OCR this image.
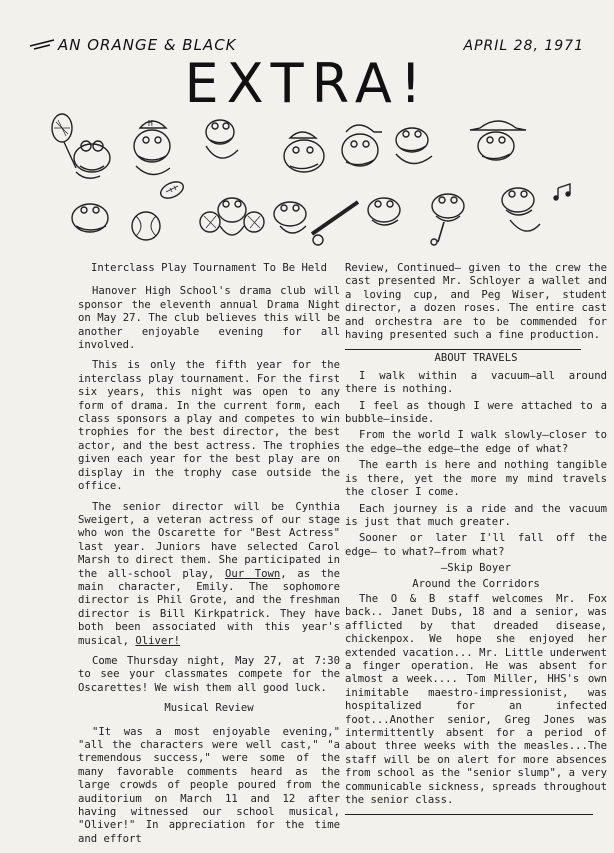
AN ORANGE & BLACK	APRIL 28, 1971
EXTRA!
H
Interclass Play Tournament To Be Held

Hanover High School's drama club will sponsor the eleventh annual Drama Night on May 27. The club believes this will be another enjoyable evening for all involved.

This is only the fifth year for the interclass play tournament. For the first six years, this night was open to any form of drama. In the current form, each class sponsors a play and competes to win trophies for the best director, the best actor, and the best actress. The trophies given each year for the best play are on display in the trophy case outside the office.

The senior director will be Cynthia Sweigert, a veteran actress of our stage who won the Oscarette for "Best Actress" last year. Juniors have selected Carol Marsh to direct them. She participated in the all-school play, Our Town, as the main character, Emily. The sophomore director is Phil Grote, and the freshman director is Bill Kirkpatrick. They have both been associated with this year's musical, Oliver!

Come Thursday night, May 27, at 7:30 to see your classmates compete for the Oscarettes! We wish them all good luck.

Musical Review

"It was a most enjoyable evening," "all the characters were well cast," "a tremendous success," were some of the many favorable comments heard as the large crowds of people poured from the auditorium on March 11 and 12 after having witnessed our school musical, "Oliver!" In appreciation for the time and effort

Review, Continued– given to the crew the cast presented Mr. Schloyer a wallet and a loving cup, and Peg Wiser, student director, a dozen roses. The entire cast and orchestra are to be commended for having presented such a fine production.

ABOUT TRAVELS

I walk within a vacuum–all around there is nothing.

I feel as though I were attached to a bubble–inside.

From the world I walk slowly–closer to the edge–the edge–the edge of what?

The earth is here and nothing tangible is there, yet the more my mind travels the closer I come.

Each journey is a ride and the vacuum is just that much greater.

Sooner or later I'll fall off the edge– to what?–from what?

–Skip Boyer
Around the Corridors

The O & B staff welcomes Mr. Fox back.. Janet Dubs, 18 and a senior, was afflicted by that dreaded disease, chickenpox. We hope she enjoyed her extended vacation... Mr. Little underwent a finger operation. He was absent for almost a week.... Tom Miller, HHS's own inimitable maestro-impressionist, was hospitalized for an infected foot...Another senior, Greg Jones was intermittently absent for a period of about three weeks with the measles...The staff will be on alert for more absences from school as the "senior slump", a very communicable sickness, spreads throughout the senior class.
